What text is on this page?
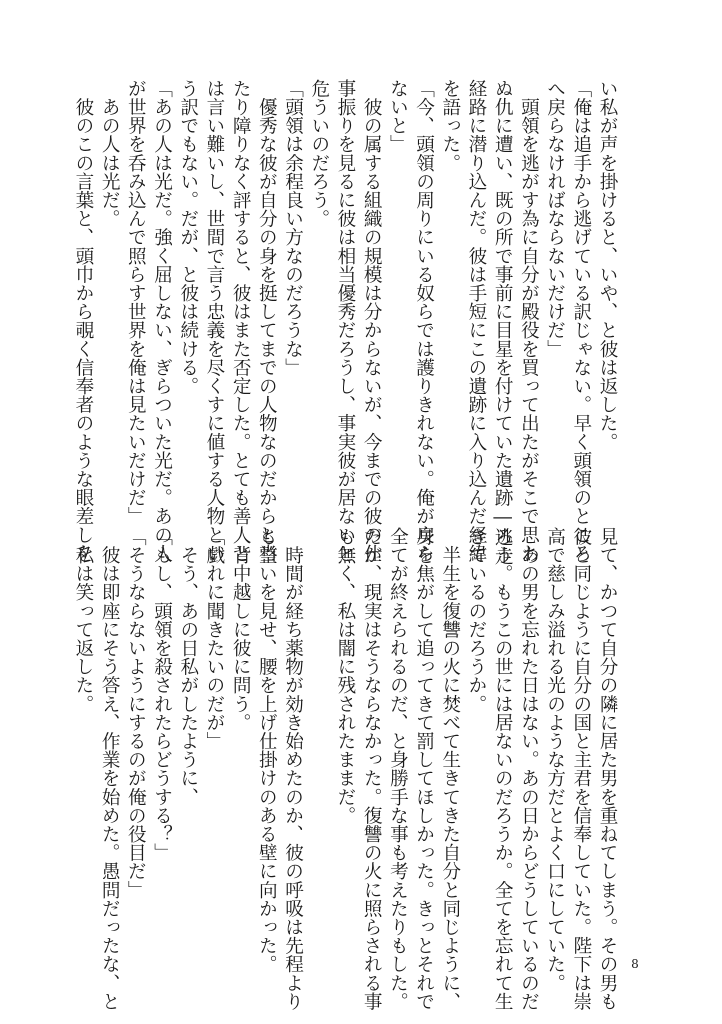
い私が声を掛けると、いや、と彼は返した。
「俺は追手から逃げている訳じゃない。早く頭領のところ
へ戻らなければならないだけだ」
　頭領を逃がす為に自分が殿役を買って出たがそこで思わ
ぬ仇に遭い、既の所で事前に目星を付けていた遺跡―逃走
経路に潜り込んだ。彼は手短にこの遺跡に入り込んだ経緯
を語った。
「今、頭領の周りにいる奴らでは護りきれない。俺が戻ら
ないと」
　彼の属する組織の規模は分からないが、今までの彼の仕
事振りを見るに彼は相当優秀だろうし、事実彼が居ないと
危ういのだろう。
「頭領は余程良い方なのだろうな」
　優秀な彼が自分の身を挺してまでの人物なのだからと当
たり障りなく評すると、彼はまた否定した。とても善人と
は言い難いし、世間で言う忠義を尽くすに値する人物とい
う訳でもない。だが、と彼は続ける。
「あの人は光だ。強く屈しない、ぎらついた光だ。あの人
が世界を呑み込んで照らす世界を俺は見たいだけだ」
　あの人は光だ。
　彼のこの言葉と、頭巾から覗く信奉者のような眼差しを
見て、かつて自分の隣に居た男を重ねてしまう。その男も
彼と同じように自分の国と主君を信奉していた。陛下は崇
高で慈しみ溢れる光のような方だとよく口にしていた。
　あの男を忘れた日はない。あの日からどうしているのだ
ろう。もうこの世には居ないのだろうか。全てを忘れて生
きているのだろうか。
　半生を復讐の火に焚べて生きてきた自分と同じように、
身を焦がして追ってきて罰してほしかった。きっとそれで
全てが終えられるのだ、と身勝手な事も考えたりもした。
だが、現実はそうならなかった。復讐の火に照らされる事
も無く、私は闇に残されたままだ。

　時間が経ち薬物が効き始めたのか、彼の呼吸は先程より
も整いを見せ、腰を上げ仕掛けのある壁に向かった。
　背中越しに彼に問う。
「戯れに聞きたいのだが」
　そう、あの日私がしたように、
「もし、頭領を殺されたらどうする？」
「そうならないようにするのが俺の役目だ」
　彼は即座にそう答え、作業を始めた。愚問だったな、と
　私は笑って返した。
8
